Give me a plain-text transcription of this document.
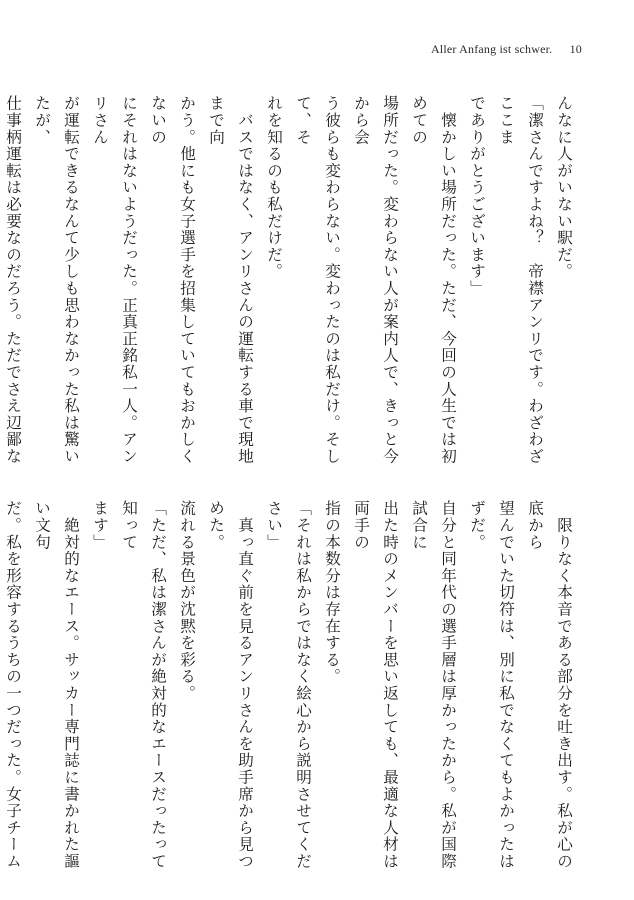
Aller Anfang ist schwer. 10

んなに人がいない駅だ。

「潔さんですよね？　帝襟アンリです。わざわざここま

でありがとうございます」

　懐かしい場所だった。ただ、今回の人生では初めての

場所だった。変わらない人が案内人で、きっと今から会

う彼らも変わらない。変わったのは私だけ。そして、そ

れを知るのも私だけだ。

　バスではなく、アンリさんの運転する車で現地まで向

かう。他にも女子選手を招集していてもおかしくないの

にそれはないようだった。正真正銘私一人。アンリさん

が運転できるなんて少しも思わなかった私は驚いたが、

仕事柄運転は必要なのだろう。ただでさえ辺鄙な

　限りなく本音である部分を吐き出す。私が心の底から

望んでいた切符は、別に私でなくてもよかったはずだ。

自分と同年代の選手層は厚かったから。私が国際試合に

出た時のメンバーを思い返しても、最適な人材は両手の

指の本数分は存在する。

「それは私からではなく絵心から説明させてください」

　真っ直ぐ前を見るアンリさんを助手席から見つめた。

流れる景色が沈黙を彩る。

「ただ、私は潔さんが絶対的なエースだったって知って

ます」

　絶対的なエース。サッカー専門誌に書かれた謳い文句

だ。私を形容するうちの一つだった。女子チーム
